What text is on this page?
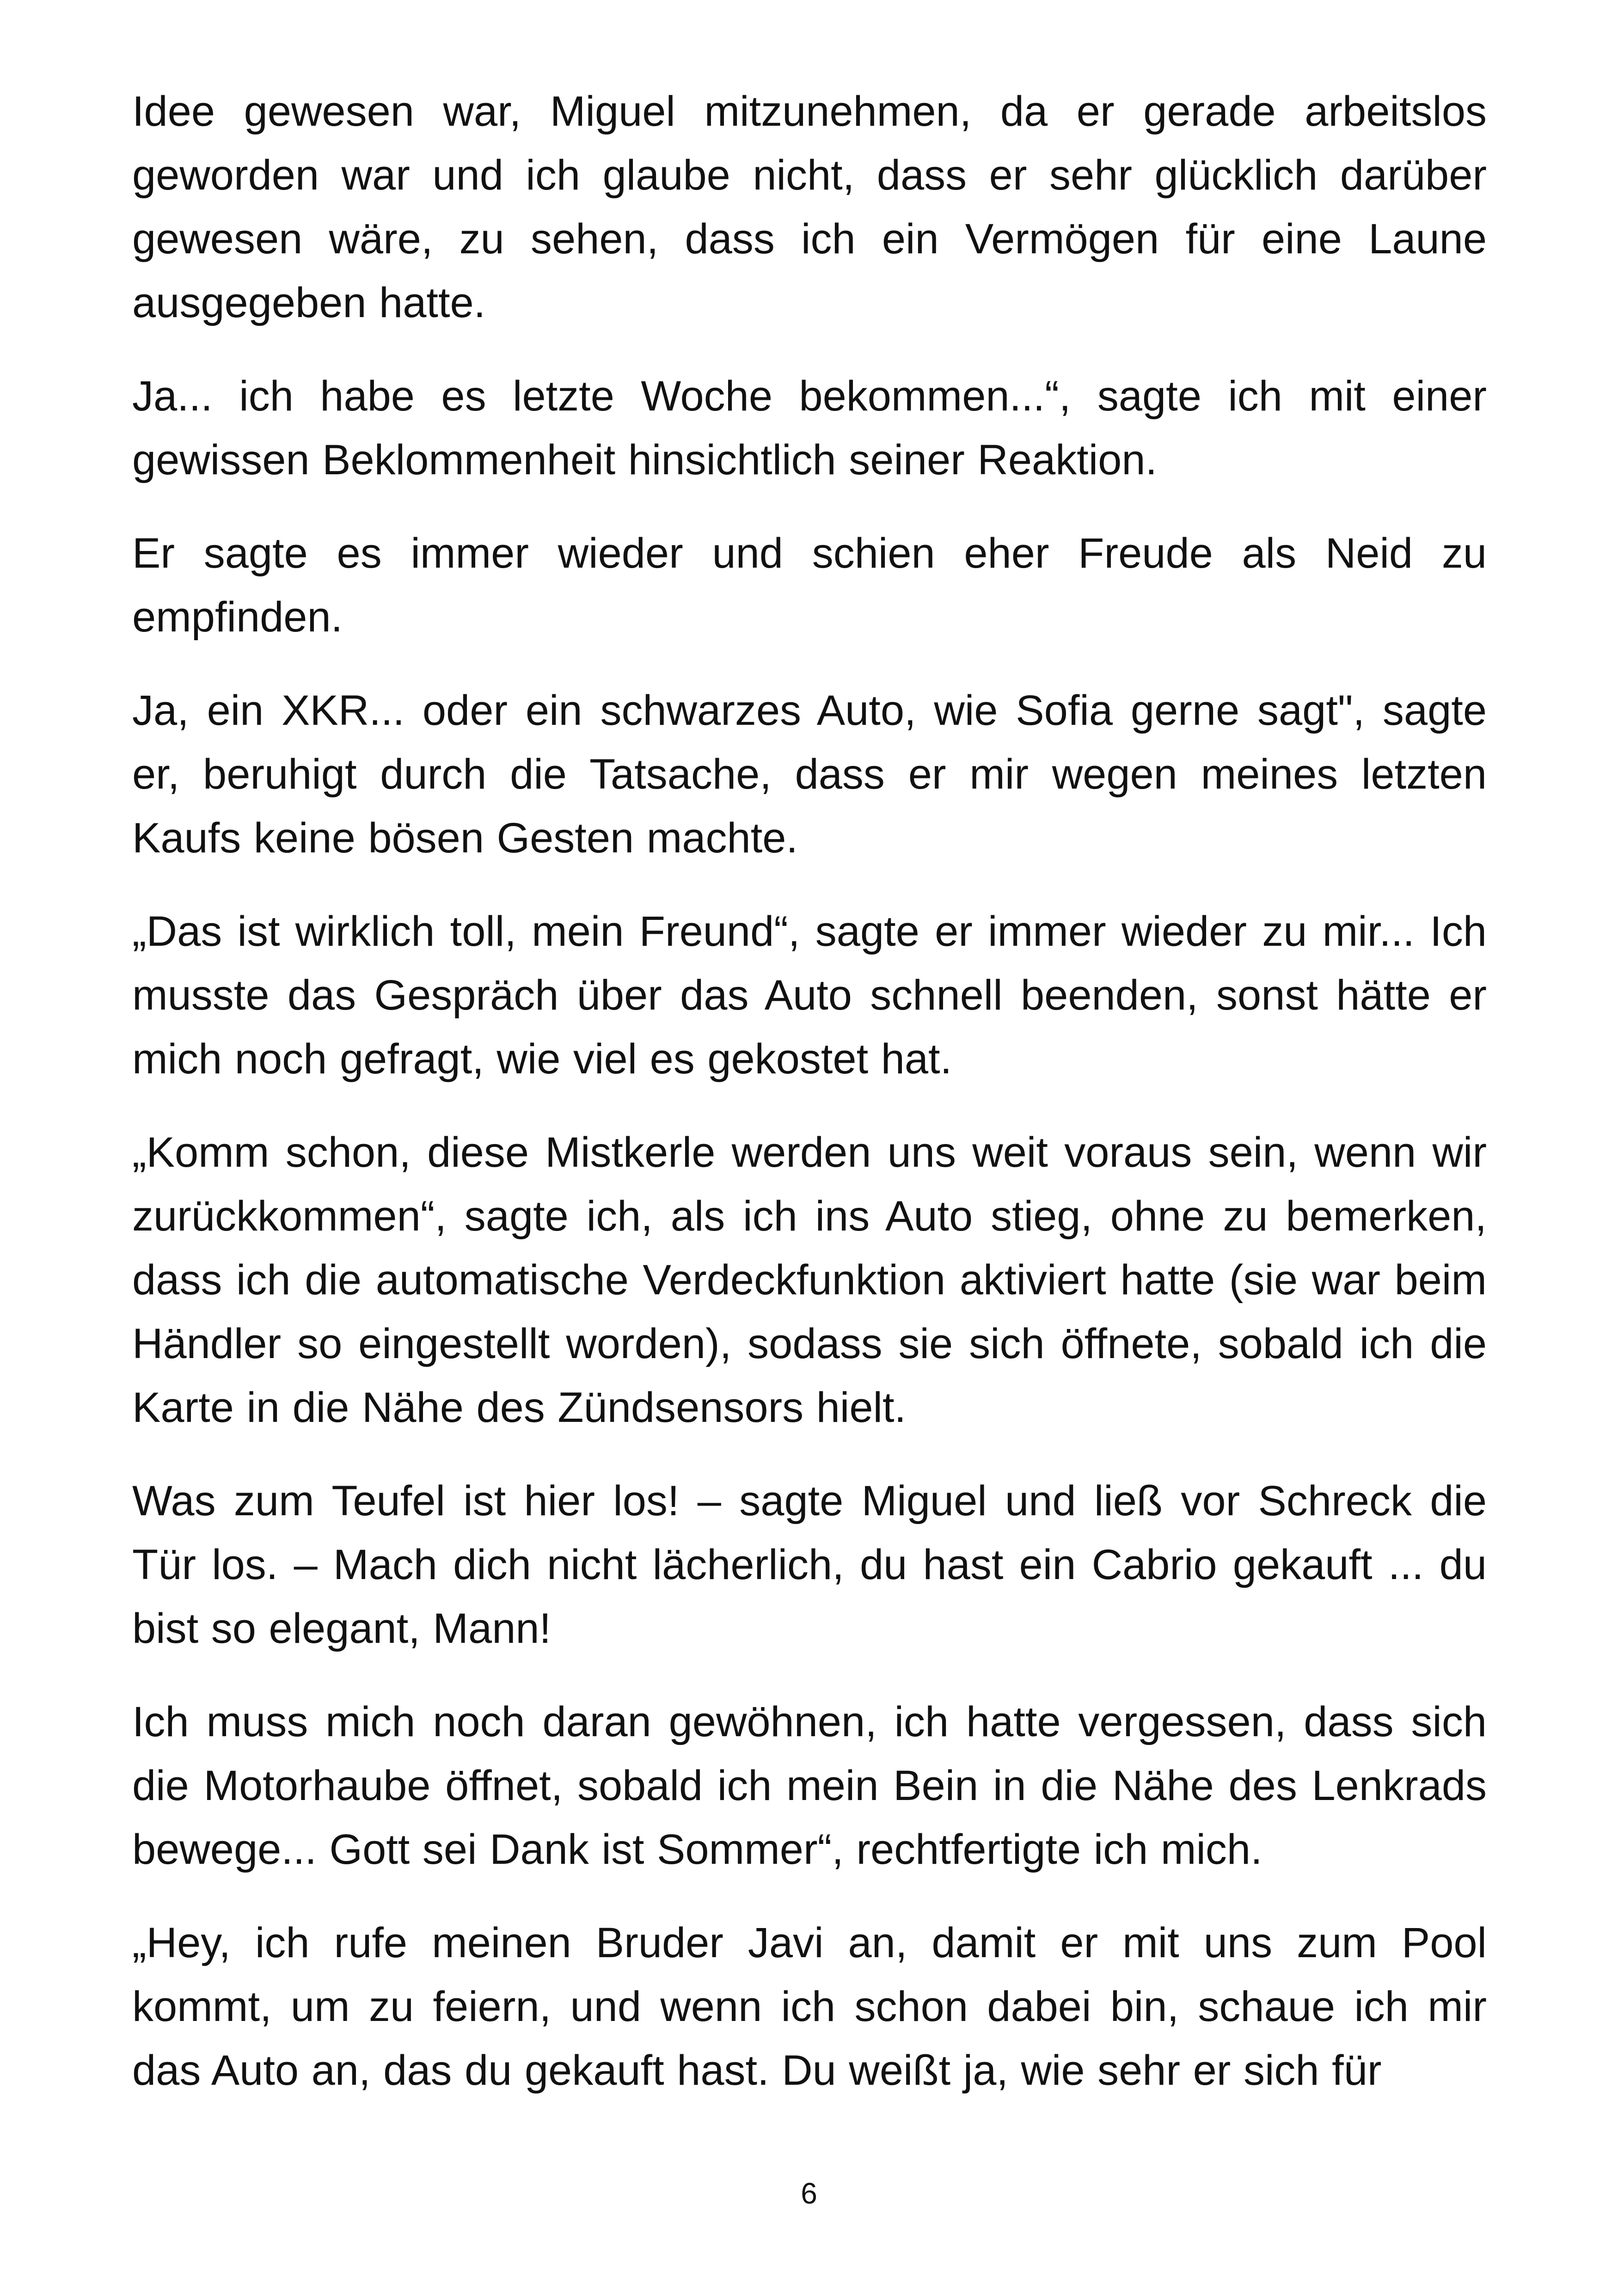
Idee gewesen war, Miguel mitzunehmen, da er gerade arbeitslos geworden war und ich glaube nicht, dass er sehr glücklich darüber gewesen wäre, zu sehen, dass ich ein Vermögen für eine Laune ausgegeben hatte.

Ja... ich habe es letzte Woche bekommen...“, sagte ich mit einer gewissen Beklommenheit hinsichtlich seiner Reaktion.

Er sagte es immer wieder und schien eher Freude als Neid zu empfinden.

Ja, ein XKR... oder ein schwarzes Auto, wie Sofia gerne sagt", sagte er, beruhigt durch die Tatsache, dass er mir wegen meines letzten Kaufs keine bösen Gesten machte.

„Das ist wirklich toll, mein Freund“, sagte er immer wieder zu mir... Ich musste das Gespräch über das Auto schnell beenden, sonst hätte er mich noch gefragt, wie viel es gekostet hat.

„Komm schon, diese Mistkerle werden uns weit voraus sein, wenn wir zurückkommen“, sagte ich, als ich ins Auto stieg, ohne zu bemerken, dass ich die automatische Verdeckfunktion aktiviert hatte (sie war beim Händler so eingestellt worden), sodass sie sich öffnete, sobald ich die Karte in die Nähe des Zündsensors hielt.

Was zum Teufel ist hier los! – sagte Miguel und ließ vor Schreck die Tür los. – Mach dich nicht lächerlich, du hast ein Cabrio gekauft ... du bist so elegant, Mann!

Ich muss mich noch daran gewöhnen, ich hatte vergessen, dass sich die Motorhaube öffnet, sobald ich mein Bein in die Nähe des Lenkrads bewege... Gott sei Dank ist Sommer“, rechtfertigte ich mich.

„Hey, ich rufe meinen Bruder Javi an, damit er mit uns zum Pool kommt, um zu feiern, und wenn ich schon dabei bin, schaue ich mir das Auto an, das du gekauft hast. Du weißt ja, wie sehr er sich für

6
